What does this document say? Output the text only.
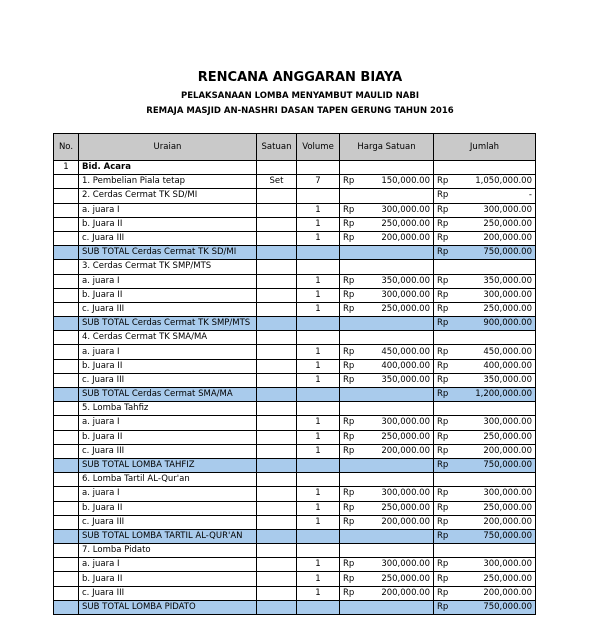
RENCANA ANGGARAN BIAYA
PELAKSANAAN LOMBA MENYAMBUT MAULID NABI
REMAJA MASJID AN-NASHRI DASAN TAPEN GERUNG TAHUN 2016
No.	Uraian	Satuan	Volume	Harga Satuan	Jumlah
1	Bid. Acara			

	1. Pembelian Piala tetap	Set	7	Rp 150,000.00	Rp 1,050,000.00

	2. Cerdas Cermat TK SD/MI				Rp -

	a. juara I		1	Rp 300,000.00	Rp 300,000.00

	b. Juara II		1	Rp 250,000.00	Rp 250,000.00

	c. Juara III		1	Rp 200,000.00	Rp 200,000.00

	SUB TOTAL Cerdas Cermat TK SD/MI				Rp 750,000.00

	3. Cerdas Cermat TK SMP/MTS			

	a. juara I		1	Rp 350,000.00	Rp 350,000.00

	b. Juara II		1	Rp 300,000.00	Rp 300,000.00

	c. Juara III		1	Rp 250,000.00	Rp 250,000.00

	SUB TOTAL Cerdas Cermat TK SMP/MTS				Rp 900,000.00

	4. Cerdas Cermat TK SMA/MA			

	a. juara I		1	Rp 450,000.00	Rp 450,000.00

	b. Juara II		1	Rp 400,000.00	Rp 400,000.00

	c. Juara III		1	Rp 350,000.00	Rp 350,000.00

	SUB TOTAL Cerdas Cermat SMA/MA				Rp 1,200,000.00

	5. Lomba Tahfiz			

	a. juara I		1	Rp 300,000.00	Rp 300,000.00

	b. Juara II		1	Rp 250,000.00	Rp 250,000.00

	c. Juara III		1	Rp 200,000.00	Rp 200,000.00

	SUB TOTAL LOMBA TAHFIZ				Rp 750,000.00

	6. Lomba Tartil AL-Qur'an			

	a. juara I		1	Rp 300,000.00	Rp 300,000.00

	b. Juara II		1	Rp 250,000.00	Rp 250,000.00

	c. Juara III		1	Rp 200,000.00	Rp 200,000.00

	SUB TOTAL LOMBA TARTIL AL-QUR'AN				Rp 750,000.00

	7. Lomba Pidato			

	a. juara I		1	Rp 300,000.00	Rp 300,000.00

	b. Juara II		1	Rp 250,000.00	Rp 250,000.00

	c. Juara III		1	Rp 200,000.00	Rp 200,000.00

	SUB TOTAL LOMBA PIDATO				Rp 750,000.00
